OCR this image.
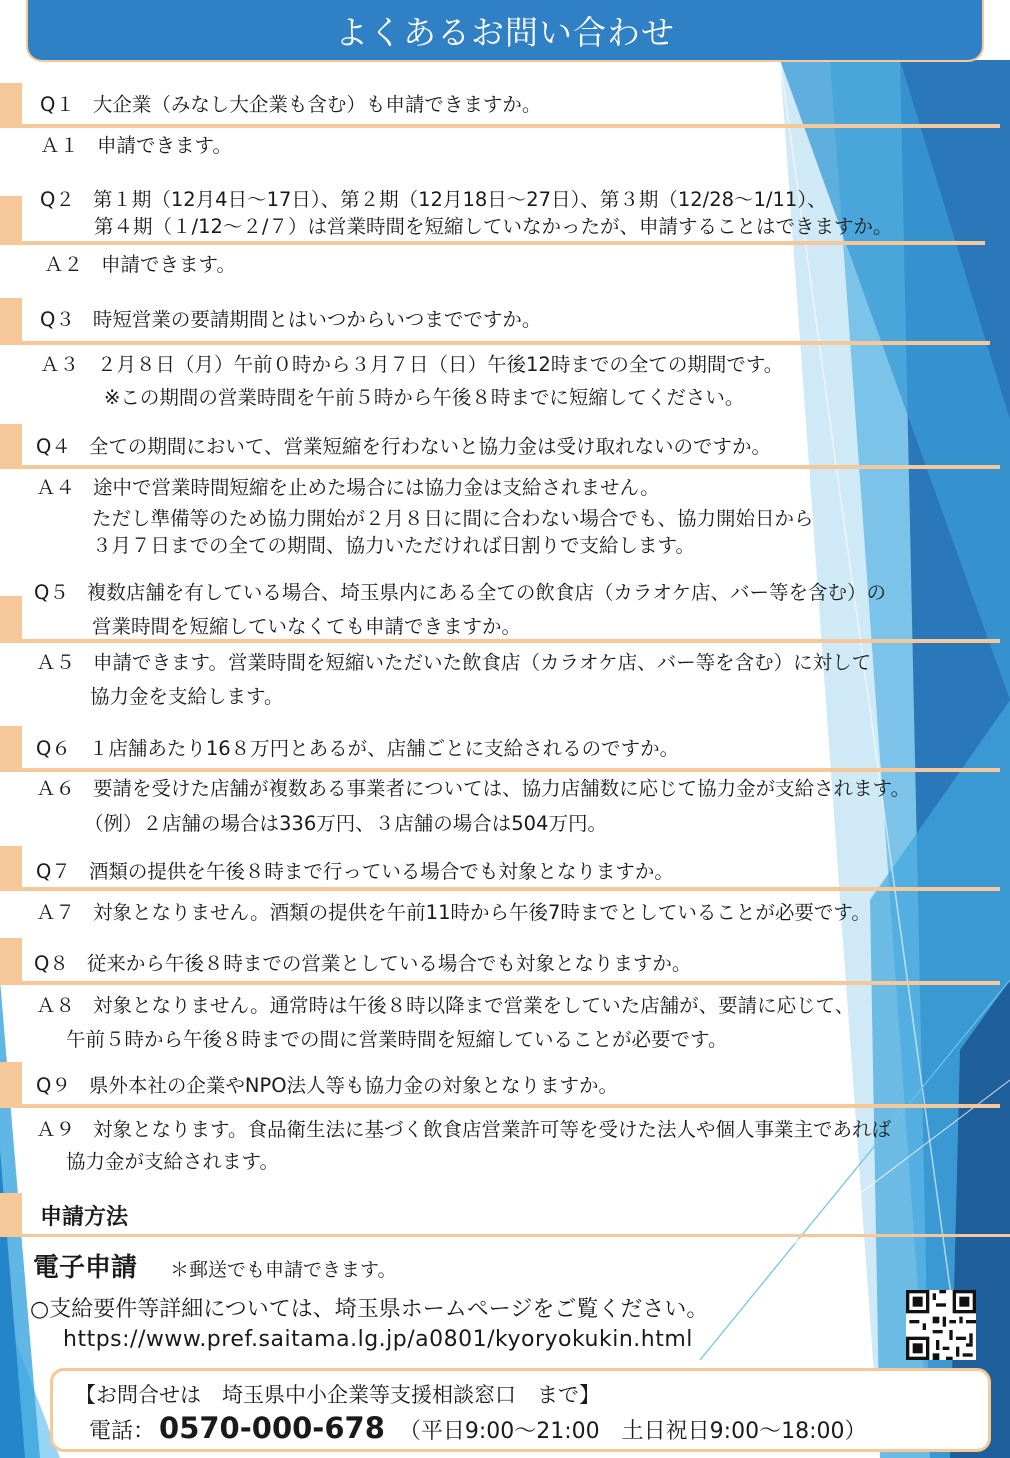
よくあるお問い合わせ
Q１ 大企業（みなし大企業も含む）も申請できますか。
Ａ１ 申請できます。
Q２ 第１期（12月4日～17日）、第２期（12月18日～27日）、第３期（12/28～1/11）、
第４期（１/12～２/７）は営業時間を短縮していなかったが、申請することはできますか。
Ａ２ 申請できます。
Q３ 時短営業の要請期間とはいつからいつまでですか。
Ａ３ ２月８日（月）午前０時から３月７日（日）午後12時までの全ての期間です。
※この期間の営業時間を午前５時から午後８時までに短縮してください。
Q４ 全ての期間において、営業短縮を行わないと協力金は受け取れないのですか。
Ａ４ 途中で営業時間短縮を止めた場合には協力金は支給されません。
ただし準備等のため協力開始が２月８日に間に合わない場合でも、協力開始日から
３月７日までの全ての期間、協力いただければ日割りで支給します。
Q５ 複数店舗を有している場合、埼玉県内にある全ての飲食店（カラオケ店、バー等を含む）の
営業時間を短縮していなくても申請できますか。
Ａ５ 申請できます。営業時間を短縮いただいた飲食店（カラオケ店、バー等を含む）に対して
協力金を支給します。
Q６ １店舗あたり16８万円とあるが、店舗ごとに支給されるのですか。
Ａ６ 要請を受けた店舗が複数ある事業者については、協力店舗数に応じて協力金が支給されます。
（例）２店舗の場合は336万円、３店舗の場合は504万円。
Q７ 酒類の提供を午後８時まで行っている場合でも対象となりますか。
Ａ７ 対象となりません。酒類の提供を午前11時から午後7時までとしていることが必要です。
Q８ 従来から午後８時までの営業としている場合でも対象となりますか。
Ａ８ 対象となりません。通常時は午後８時以降まで営業をしていた店舗が、要請に応じて、
午前５時から午後８時までの間に営業時間を短縮していることが必要です。
Q９ 県外本社の企業やNPO法人等も協力金の対象となりますか。
Ａ９ 対象となります。食品衛生法に基づく飲食店営業許可等を受けた法人や個人事業主であれば
協力金が支給されます。
申請方法
電子申請 ＊郵送でも申請できます。
○支給要件等詳細については、埼玉県ホームページをご覧ください。
https://www.pref.saitama.lg.jp/a0801/kyoryokukin.html
【お問合せは　埼玉県中小企業等支援相談窓口　まで】
電話： 0570-000-678 （平日9:00～21:00　土日祝日9:00～18:00）
